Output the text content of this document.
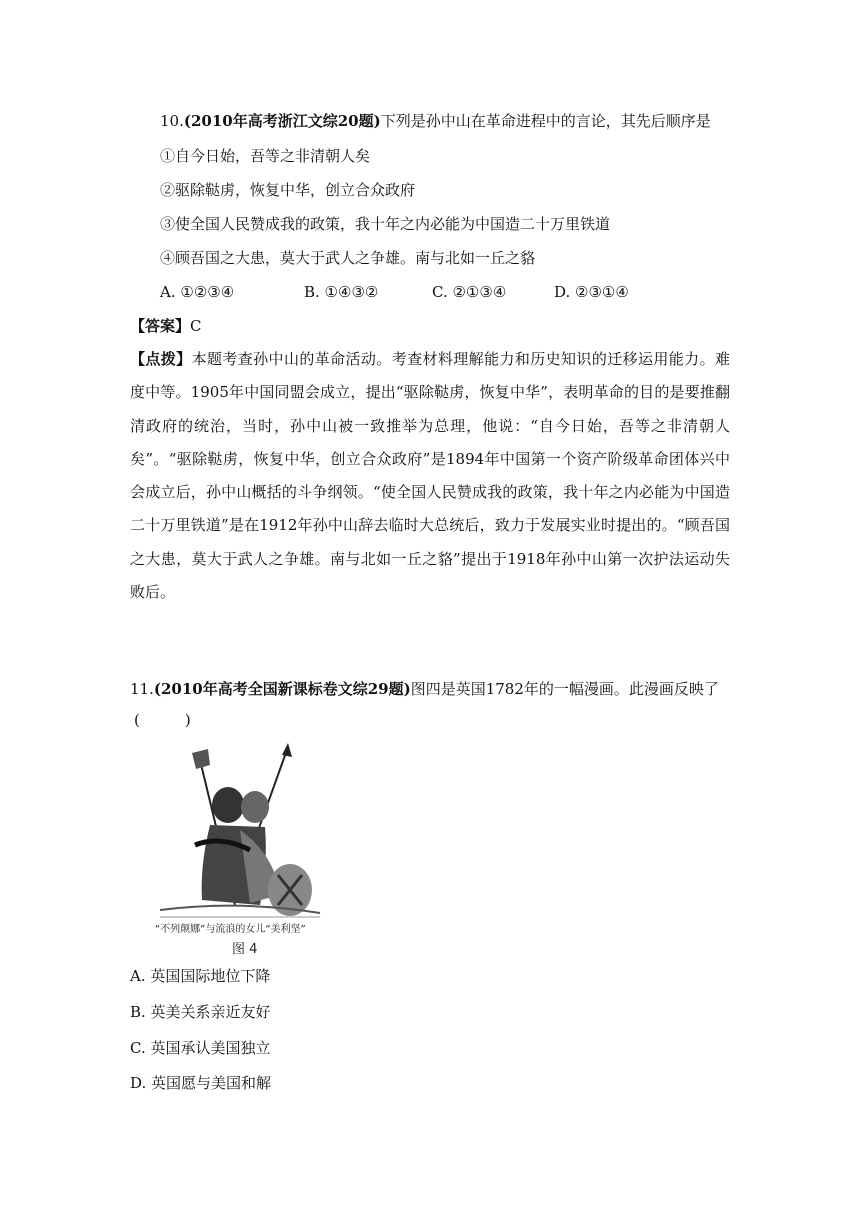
10.(2010年高考浙江文综20题)下列是孙中山在革命进程中的言论，其先后顺序是
①自今日始，吾等之非清朝人矣
②驱除鞑虏，恢复中华，创立合众政府
③使全国人民赞成我的政策，我十年之内必能为中国造二十万里铁道
④顾吾国之大患，莫大于武人之争雄。南与北如一丘之貉
A. ①②③④	B. ①④③②	C. ②①③④	D. ②③①④
【答案】C
【点拨】本题考查孙中山的革命活动。考查材料理解能力和历史知识的迁移运用能力。难度中等。1905年中国同盟会成立，提出“驱除鞑虏，恢复中华”，表明革命的目的是要推翻清政府的统治，当时，孙中山被一致推举为总理，他说：“自今日始，吾等之非清朝人矣”。“驱除鞑虏，恢复中华，创立合众政府”是1894年中国第一个资产阶级革命团体兴中会成立后，孙中山概括的斗争纲领。“使全国人民赞成我的政策，我十年之内必能为中国造二十万里铁道”是在1912年孙中山辞去临时大总统后，致力于发展实业时提出的。“顾吾国之大患，莫大于武人之争雄。南与北如一丘之貉”提出于1918年孙中山第一次护法运动失败后。
11.(2010年高考全国新课标卷文综29题)图四是英国1782年的一幅漫画。此漫画反映了
(　　　)
“不列颠娜”与流浪的女儿“美利坚”
图 4
A. 英国国际地位下降
B. 英美关系亲近友好
C. 英国承认美国独立
D. 英国愿与美国和解
